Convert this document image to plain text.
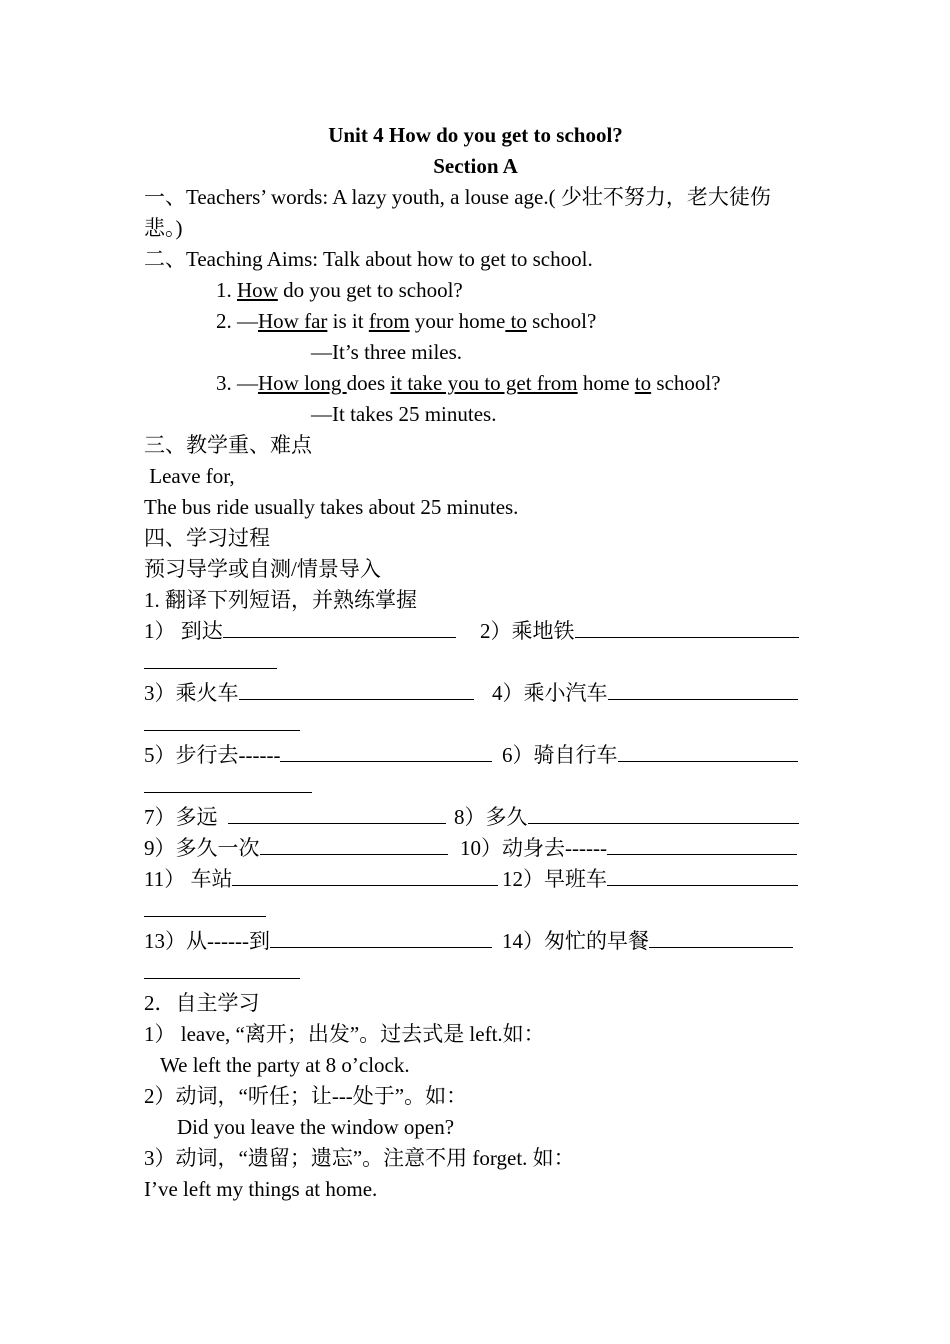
Unit 4 How do you get to school?
Section A
一、Teachers’ words: A lazy youth, a louse age.( 少壮不努力，老大徒伤悲。)
二、Teaching Aims: Talk about how to get to school.
1. How do you get to school?
2. —How far is it from your home to school?
—It’s three miles.
3. —How long does it take you to get from home to school?
—It takes 25 minutes.
三、教学重、难点
Leave for,
The bus ride usually takes about 25 minutes.
四、学习过程
预习导学或自测/情景导入
1. 翻译下列短语，并熟练掌握
1） 到达	2）乘地铁
3）乘火车	4）乘小汽车
5）步行去------	6）骑自行车
7）多远	8）多久
9）多久一次	10）动身去------
11） 车站	12）早班车
13）从------到	14）匆忙的早餐
2．自主学习
1） leave, “离开；出发”。过去式是 left.如：
We left the party at 8 o’clock.
2）动词，“听任；让---处于”。如：
Did you leave the window open?
3）动词，“遗留；遗忘”。注意不用 forget. 如：
I’ve left my things at home.
